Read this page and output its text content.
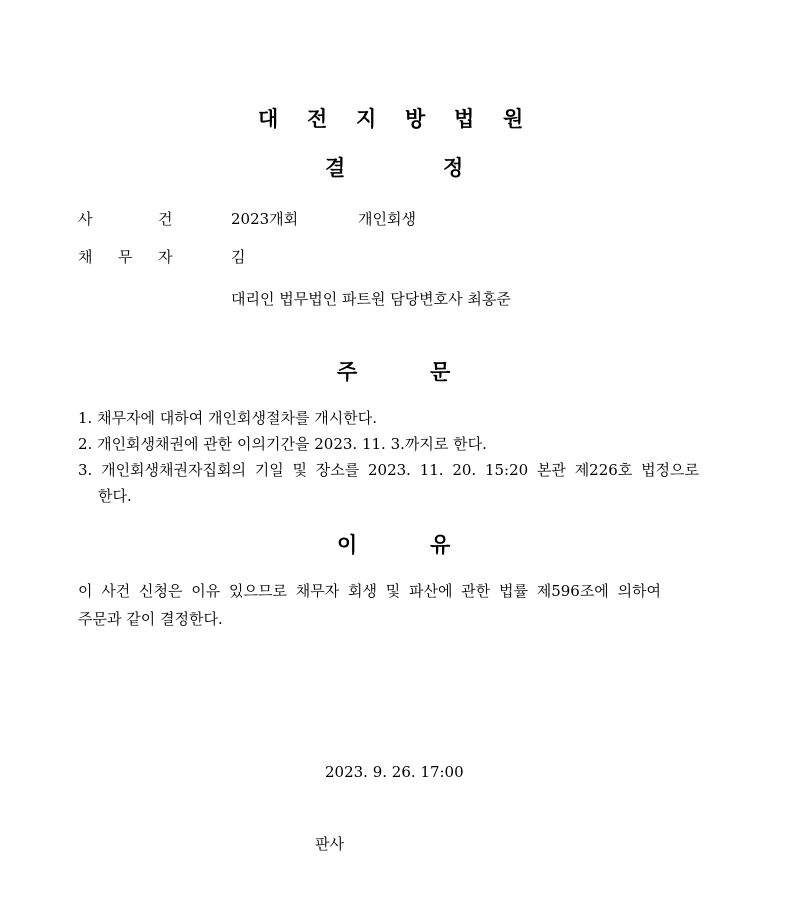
대 전 지 방 법 원
결	정
사	건	2023개회	개인회생
채 무 자	김
대리인 법무법인 파트원 담당변호사 최홍준
주	문
1. 채무자에 대하여 개인회생절차를 개시한다.
2. 개인회생채권에 관한 이의기간을 2023. 11. 3.까지로 한다.
3. 개인회생채권자집회의 기일 및 장소를 2023. 11. 20. 15:20 본관 제226호 법정으로
한다.
이	유
이 사건 신청은 이유 있으므로 채무자 회생 및 파산에 관한 법률 제596조에 의하여
주문과 같이 결정한다.
2023. 9. 26. 17:00
판사
